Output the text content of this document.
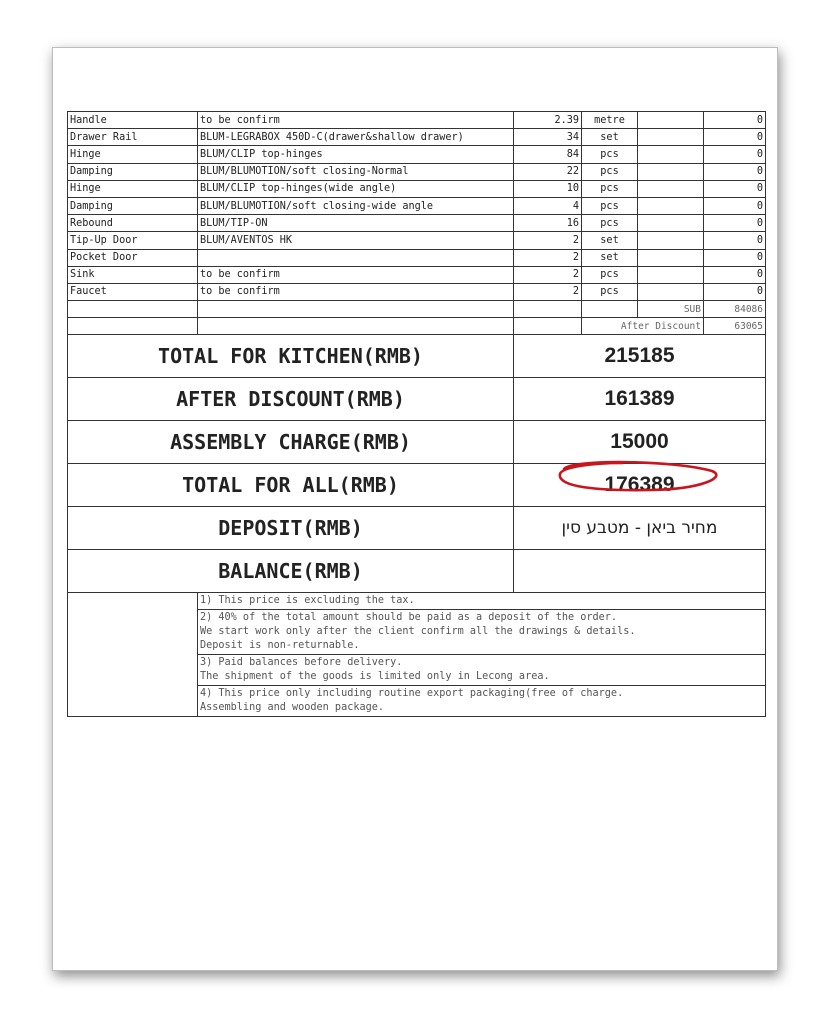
Handle	to be confirm	2.39	metre		0
Drawer Rail	BLUM-LEGRABOX 450D-C(drawer&shallow drawer)	34	set		0
Hinge	BLUM/CLIP top-hinges	84	pcs		0
Damping	BLUM/BLUMOTION/soft closing-Normal	22	pcs		0
Hinge	BLUM/CLIP top-hinges(wide angle)	10	pcs		0
Damping	BLUM/BLUMOTION/soft closing-wide angle	4	pcs		0
Rebound	BLUM/TIP-ON	16	pcs		0
Tip-Up Door	BLUM/AVENTOS HK	2	set		0
Pocket Door		2	set		0
Sink	to be confirm	2	pcs		0
Faucet	to be confirm	2	pcs		0
				SUB	84086
			After Discount		63065
TOTAL FOR KITCHEN(RMB)	215185
AFTER DISCOUNT(RMB)	161389
ASSEMBLY CHARGE(RMB)	15000
TOTAL FOR ALL(RMB)	176389

DEPOSIT(RMB)	מחיר ביאן - מטבע סין
BALANCE(RMB)	
	1) This price is excluding the tax.

2) 40% of the total amount should be paid as a deposit of the order.
We start work only after the client confirm all the drawings & details.
Deposit is non-returnable.

3) Paid balances before delivery.
The shipment of the goods is limited only in Lecong area.

4) This price only including routine export packaging(free of charge.
Assembling and wooden package.
